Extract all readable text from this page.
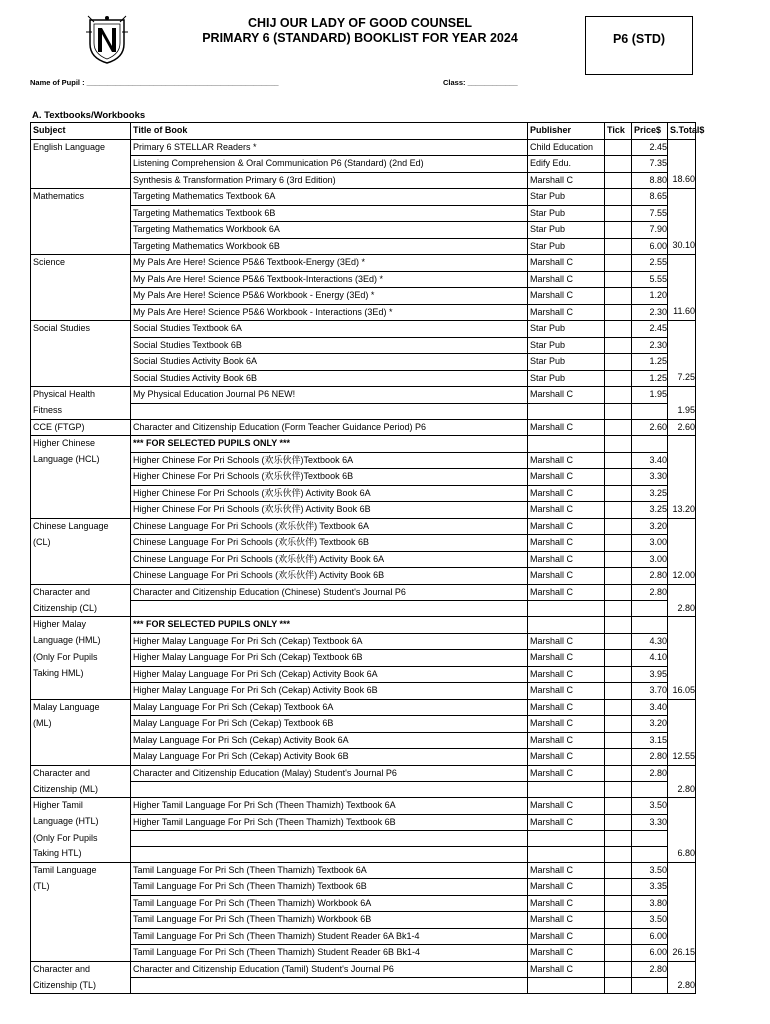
CHIJ OUR LADY OF GOOD COUNSEL
PRIMARY 6 (STANDARD) BOOKLIST FOR YEAR 2024	P6 (STD)
Name of Pupil : ______________________________________________	Class: ____________
A. Textbooks/Workbooks
Subject	Title of Book	Publisher	Tick	Price$	S.Total$
English Language	Primary 6 STELLAR Readers *	Child Education		2.45	
	Listening Comprehension & Oral Communication P6 (Standard) (2nd Ed)	Edify Edu.		7.35	
	Synthesis & Transformation Primary 6 (3rd Edition)	Marshall C		8.80	18.60
Mathematics	Targeting Mathematics Textbook 6A	Star Pub		8.65	
	Targeting Mathematics Textbook 6B	Star Pub		7.55	
	Targeting Mathematics Workbook 6A	Star Pub		7.90	
	Targeting Mathematics Workbook 6B	Star Pub		6.00	30.10
Science	My Pals Are Here! Science P5&6 Textbook-Energy (3Ed) *	Marshall C		2.55	
	My Pals Are Here! Science P5&6 Textbook-Interactions (3Ed) *	Marshall C		5.55	
	My Pals Are Here! Science P5&6 Workbook - Energy (3Ed) *	Marshall C		1.20	
	My Pals Are Here! Science P5&6 Workbook - Interactions (3Ed) *	Marshall C		2.30	11.60
Social Studies	Social Studies Textbook 6A	Star Pub		2.45	
	Social Studies Textbook 6B	Star Pub		2.30	
	Social Studies Activity Book 6A	Star Pub		1.25	
	Social Studies Activity Book 6B	Star Pub		1.25	7.25
Physical Health	My Physical Education Journal P6 NEW!	Marshall C		1.95	
Fitness					1.95
CCE (FTGP)	Character and Citizenship Education (Form Teacher Guidance Period) P6	Marshall C		2.60	2.60
Higher Chinese	*** FOR SELECTED PUPILS ONLY ***				
Language (HCL)	Higher Chinese For Pri Schools (欢乐伙伴)Textbook 6A	Marshall C		3.40	
	Higher Chinese For Pri Schools (欢乐伙伴)Textbook 6B	Marshall C		3.30	
	Higher Chinese For Pri Schools (欢乐伙伴) Activity Book 6A	Marshall C		3.25	
	Higher Chinese For Pri Schools (欢乐伙伴) Activity Book 6B	Marshall C		3.25	13.20
Chinese Language	Chinese Language For Pri Schools (欢乐伙伴) Textbook 6A	Marshall C		3.20	
(CL)	Chinese Language For Pri Schools (欢乐伙伴) Textbook 6B	Marshall C		3.00	
	Chinese Language For Pri Schools (欢乐伙伴) Activity Book 6A	Marshall C		3.00	
	Chinese Language For Pri Schools (欢乐伙伴) Activity Book 6B	Marshall C		2.80	12.00
Character and	Character and Citizenship Education (Chinese) Student's Journal P6	Marshall C		2.80	
Citizenship (CL)					2.80
Higher Malay	*** FOR SELECTED PUPILS ONLY ***				
Language (HML)	Higher Malay Language For Pri Sch (Cekap) Textbook 6A	Marshall C		4.30	
(Only For Pupils	Higher Malay Language For Pri Sch (Cekap) Textbook 6B	Marshall C		4.10	
Taking HML)	Higher Malay Language For Pri Sch (Cekap) Activity Book 6A	Marshall C		3.95	
	Higher Malay Language For Pri Sch (Cekap) Activity Book 6B	Marshall C		3.70	16.05
Malay Language	Malay Language For Pri Sch (Cekap) Textbook 6A	Marshall C		3.40	
(ML)	Malay Language For Pri Sch (Cekap) Textbook 6B	Marshall C		3.20	
	Malay Language For Pri Sch (Cekap) Activity Book 6A	Marshall C		3.15	
	Malay Language For Pri Sch (Cekap) Activity Book 6B	Marshall C		2.80	12.55
Character and	Character and Citizenship Education (Malay) Student's Journal P6	Marshall C		2.80	
Citizenship (ML)					2.80
Higher Tamil	Higher Tamil Language For Pri Sch (Theen Thamizh) Textbook 6A	Marshall C		3.50	
Language (HTL)	Higher Tamil Language For Pri Sch (Theen Thamizh) Textbook 6B	Marshall C		3.30	
(Only For Pupils					
Taking HTL)					6.80
Tamil Language	Tamil Language For Pri Sch (Theen Thamizh) Textbook 6A	Marshall C		3.50	
(TL)	Tamil Language For Pri Sch (Theen Thamizh) Textbook 6B	Marshall C		3.35	
	Tamil Language For Pri Sch (Theen Thamizh) Workbook 6A	Marshall C		3.80	
	Tamil Language For Pri Sch (Theen Thamizh) Workbook 6B	Marshall C		3.50	
	Tamil Language For Pri Sch (Theen Thamizh) Student Reader 6A Bk1-4	Marshall C		6.00	
	Tamil Language For Pri Sch (Theen Thamizh) Student Reader 6B Bk1-4	Marshall C		6.00	26.15
Character and	Character and Citizenship Education (Tamil) Student's Journal P6	Marshall C		2.80	
Citizenship (TL)					2.80
